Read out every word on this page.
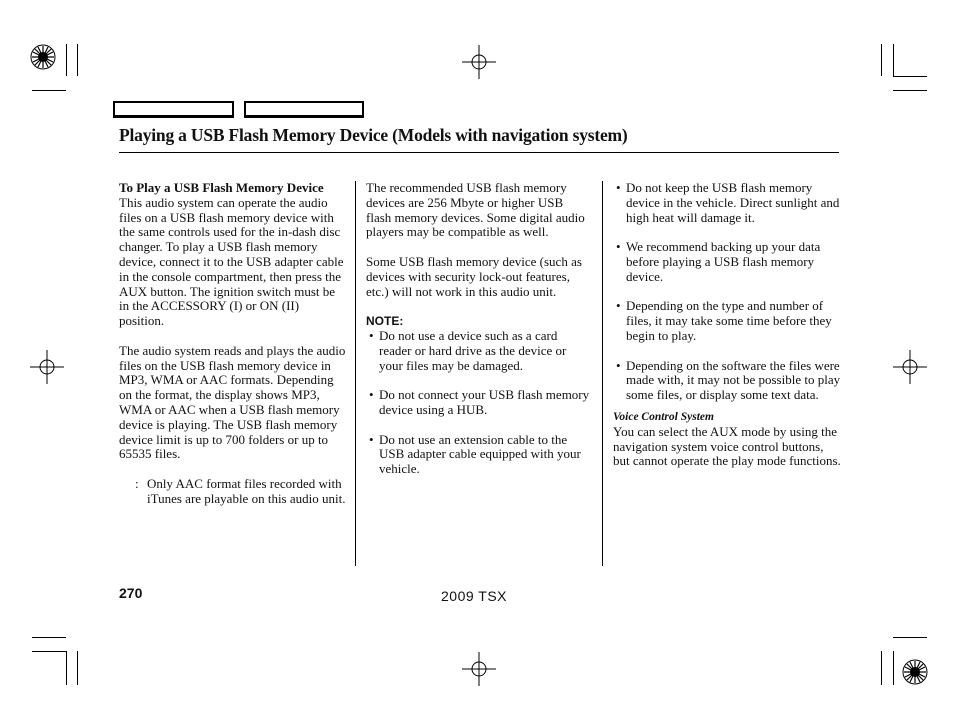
Playing a USB Flash Memory Device (Models with navigation system)

To Play a USB Flash Memory Device

This audio system can operate the audio files on a USB flash memory device with the same controls used for the in-dash disc changer. To play a USB flash memory device, connect it to the USB adapter cable in the console compartment, then press the AUX button. The ignition switch must be in the ACCESSORY (I) or ON (II) position.

The audio system reads and plays the audio files on the USB flash memory device in MP3, WMA or AAC formats. Depending on the format, the display shows MP3, WMA or AAC when a USB flash memory device is playing. The USB flash memory device limit is up to 700 folders or up to 65535 files.

: Only AAC format files recorded with iTunes are playable on this audio unit.

The recommended USB flash memory devices are 256 Mbyte or higher USB flash memory devices. Some digital audio players may be compatible as well.

Some USB flash memory device (such as devices with security lock-out features, etc.) will not work in this audio unit.

NOTE:

• Do not use a device such as a card reader or hard drive as the device or your files may be damaged.
• Do not connect your USB flash memory device using a HUB.
• Do not use an extension cable to the USB adapter cable equipped with your vehicle.
• Do not keep the USB flash memory device in the vehicle. Direct sunlight and high heat will damage it.
• We recommend backing up your data before playing a USB flash memory device.
• Depending on the type and number of files, it may take some time before they begin to play.
• Depending on the software the files were made with, it may not be possible to play some files, or display some text data.

Voice Control System

You can select the AUX mode by using the navigation system voice control buttons, but cannot operate the play mode functions.

270	2009 TSX
